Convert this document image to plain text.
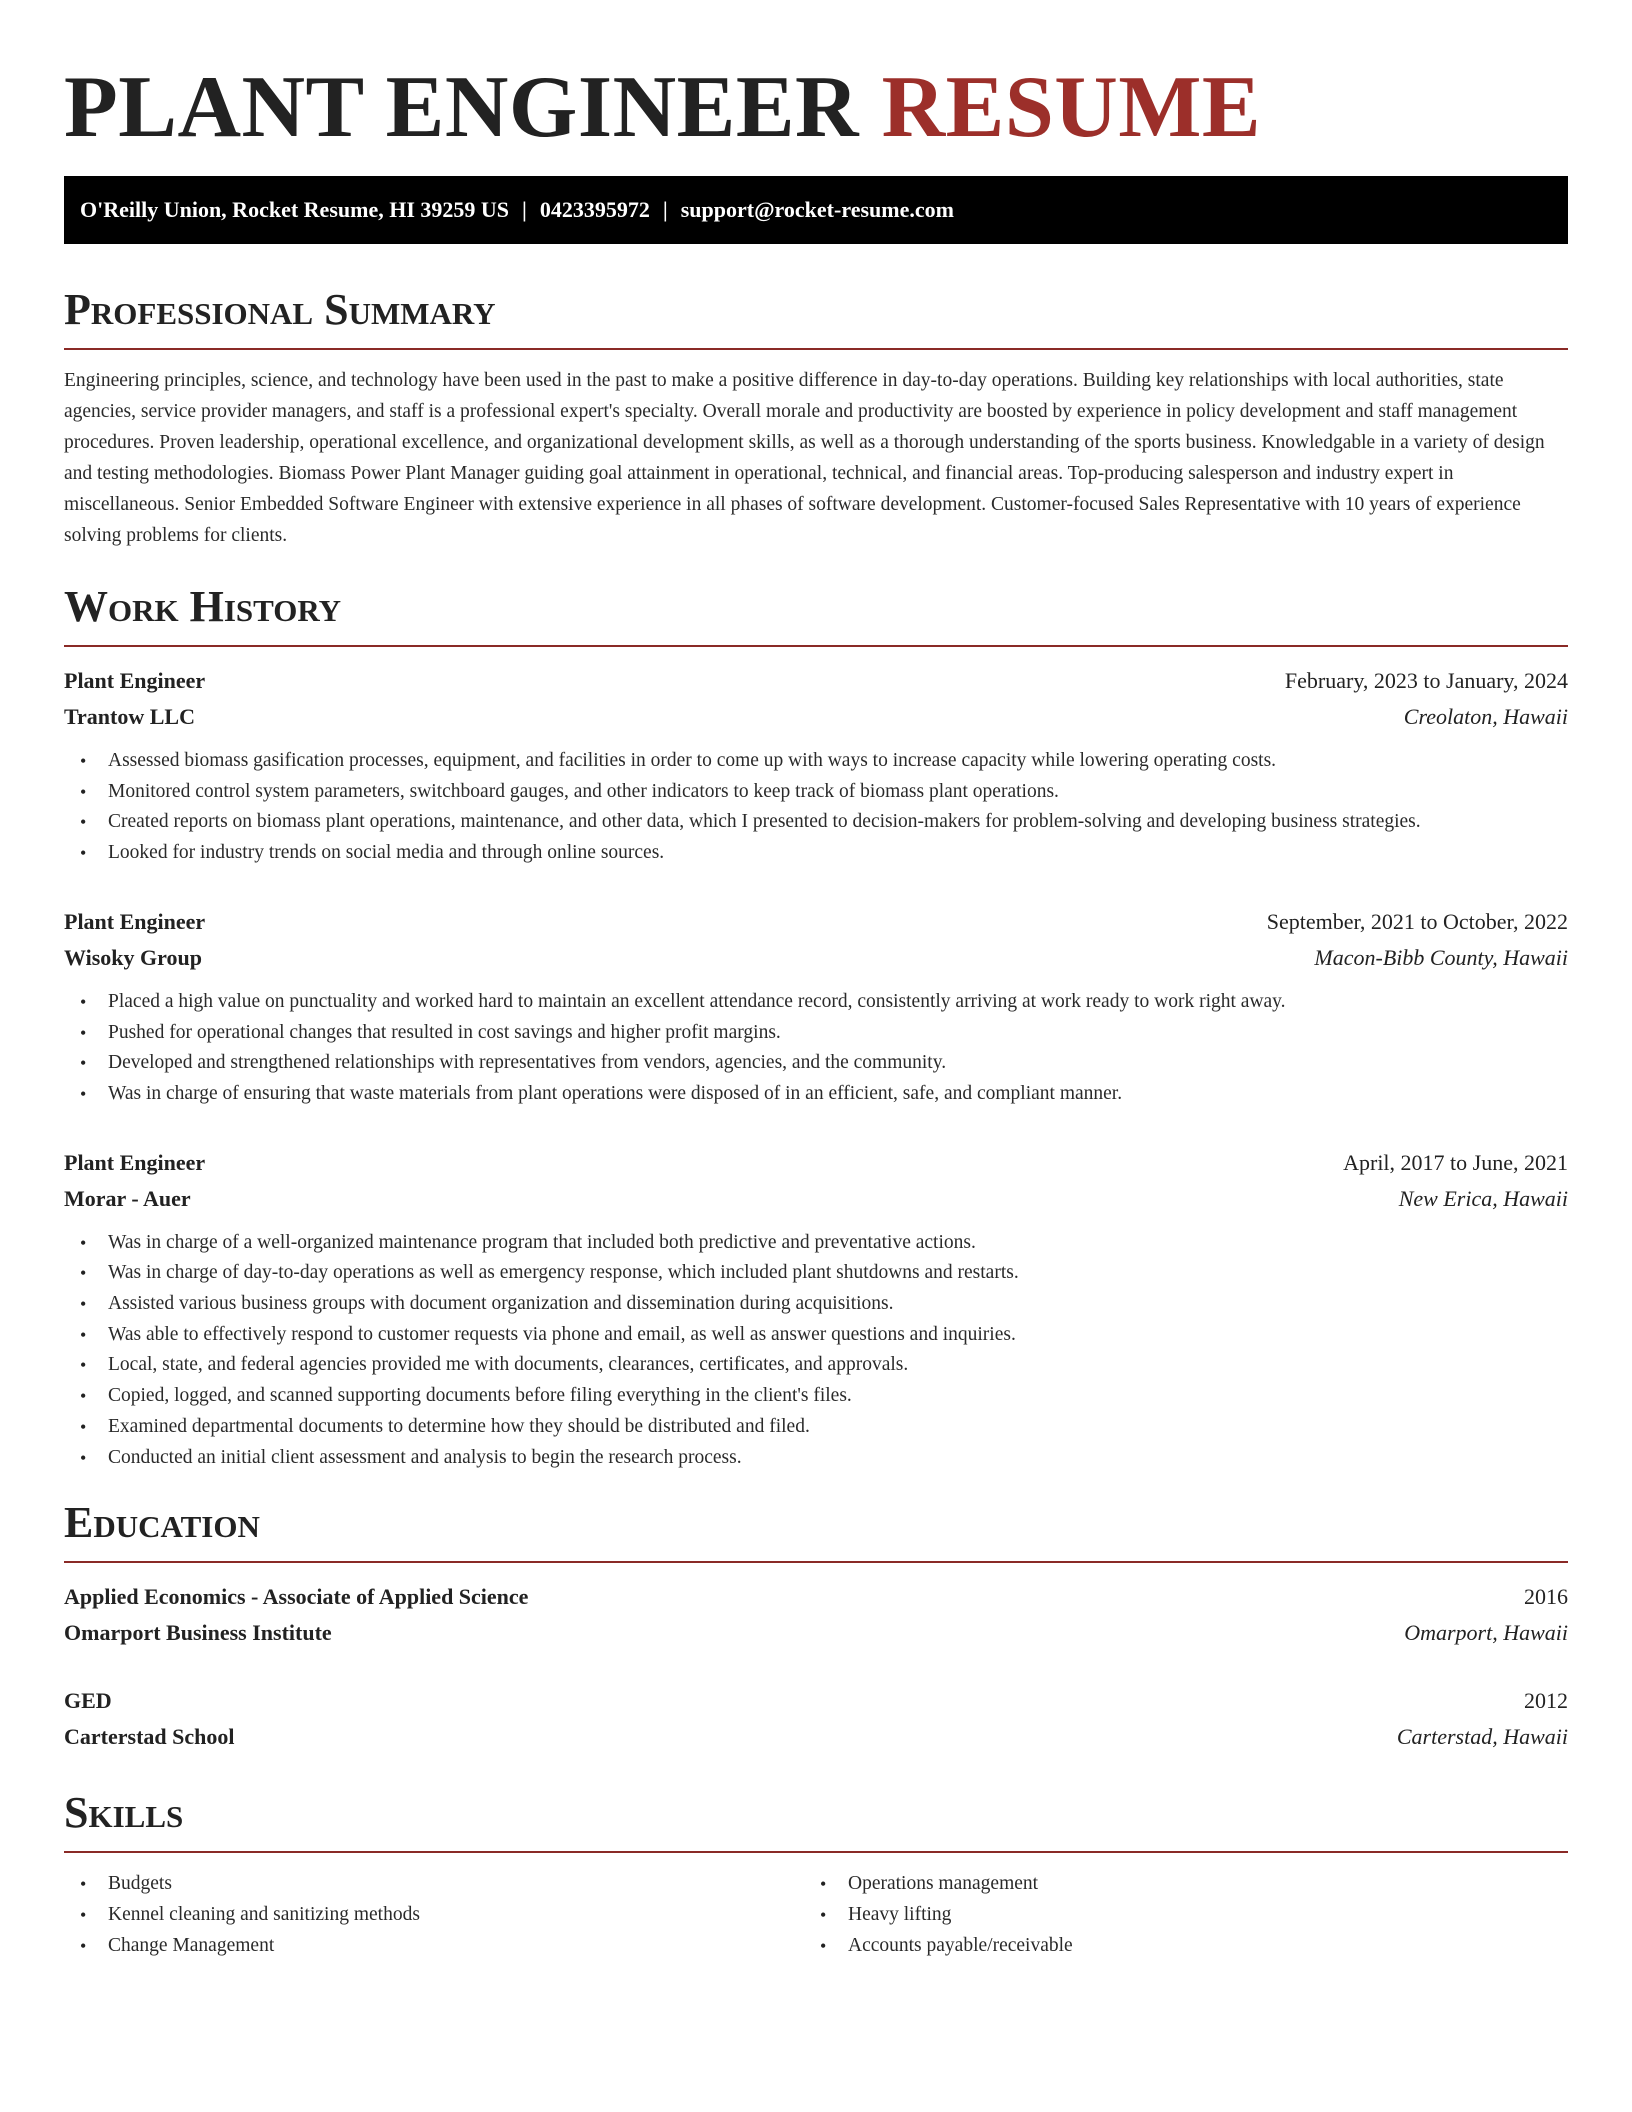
PLANT ENGINEER RESUME
O'Reilly Union, Rocket Resume, HI 39259 US | 0423395972 | support@rocket-resume.com
Professional Summary

Engineering principles, science, and technology have been used in the past to make a positive difference in day-to-day operations. Building key relationships with local authorities, state agencies, service provider managers, and staff is a professional expert's specialty. Overall morale and productivity are boosted by experience in policy development and staff management procedures. Proven leadership, operational excellence, and organizational development skills, as well as a thorough understanding of the sports business. Knowledgable in a variety of design and testing methodologies. Biomass Power Plant Manager guiding goal attainment in operational, technical, and financial areas. Top-producing salesperson and industry expert in miscellaneous. Senior Embedded Software Engineer with extensive experience in all phases of software development. Customer-focused Sales Representative with 10 years of experience solving problems for clients.

Work History
Plant Engineer	February, 2023 to January, 2024
Trantow LLC	Creolaton, Hawaii
• Assessed biomass gasification processes, equipment, and facilities in order to come up with ways to increase capacity while lowering operating costs.
• Monitored control system parameters, switchboard gauges, and other indicators to keep track of biomass plant operations.
• Created reports on biomass plant operations, maintenance, and other data, which I presented to decision-makers for problem-solving and developing business strategies.
• Looked for industry trends on social media and through online sources.
Plant Engineer	September, 2021 to October, 2022
Wisoky Group	Macon-Bibb County, Hawaii
• Placed a high value on punctuality and worked hard to maintain an excellent attendance record, consistently arriving at work ready to work right away.
• Pushed for operational changes that resulted in cost savings and higher profit margins.
• Developed and strengthened relationships with representatives from vendors, agencies, and the community.
• Was in charge of ensuring that waste materials from plant operations were disposed of in an efficient, safe, and compliant manner.
Plant Engineer	April, 2017 to June, 2021
Morar - Auer	New Erica, Hawaii
• Was in charge of a well-organized maintenance program that included both predictive and preventative actions.
• Was in charge of day-to-day operations as well as emergency response, which included plant shutdowns and restarts.
• Assisted various business groups with document organization and dissemination during acquisitions.
• Was able to effectively respond to customer requests via phone and email, as well as answer questions and inquiries.
• Local, state, and federal agencies provided me with documents, clearances, certificates, and approvals.
• Copied, logged, and scanned supporting documents before filing everything in the client's files.
• Examined departmental documents to determine how they should be distributed and filed.
• Conducted an initial client assessment and analysis to begin the research process.
Education
Applied Economics - Associate of Applied Science	2016
Omarport Business Institute	Omarport, Hawaii
GED	2012
Carterstad School	Carterstad, Hawaii
Skills
• Budgets
• Kennel cleaning and sanitizing methods
• Change Management
• Operations management
• Heavy lifting
• Accounts payable/receivable
